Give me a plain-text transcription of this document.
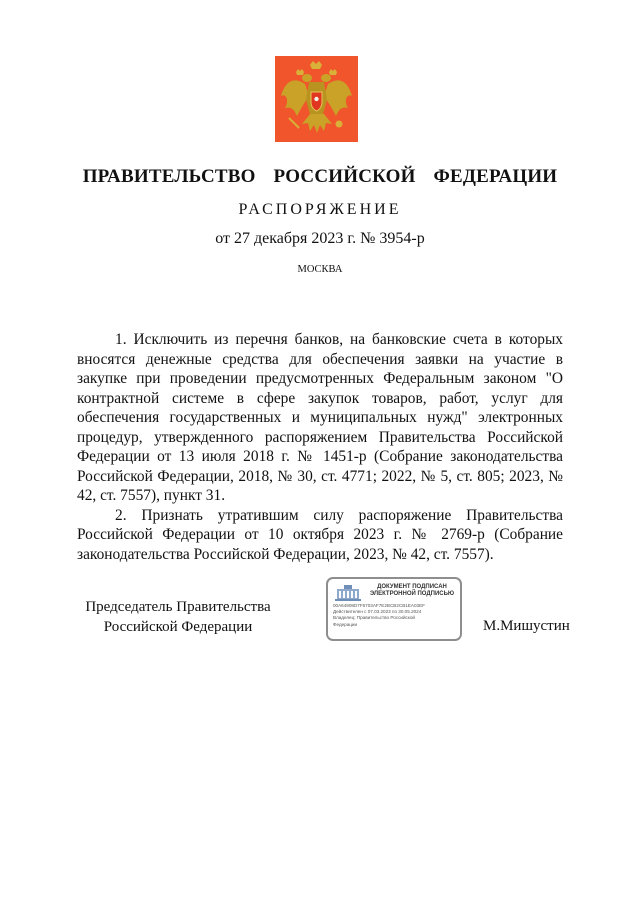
ПРАВИТЕЛЬСТВО  РОССИЙСКОЙ  ФЕДЕРАЦИИ
РАСПОРЯЖЕНИЕ
от 27 декабря 2023 г. № 3954-р
МОСКВА

1. Исключить из перечня банков, на банковские счета в которых вносятся денежные средства для обеспечения заявки на участие в закупке при проведении предусмотренных Федеральным законом "О контрактной системе в сфере закупок товаров, работ, услуг для обеспечения государственных и муниципальных нужд" электронных процедур, утвержденного распоряжением Правительства Российской Федерации от 13 июля 2018 г. № 1451-р (Собрание законодательства Российской Федерации, 2018, № 30, ст. 4771; 2022, № 5, ст. 805; 2023, № 42, ст. 7557), пункт 31.

2. Признать утратившим силу распоряжение Правительства Российской Федерации от 10 октября 2023 г. № 2769-р (Собрание законодательства Российской Федерации, 2023, № 42, ст. 7557).

Председатель Правительства
Российской Федерации
ДОКУМЕНТ ПОДПИСАН
ЭЛЕКТРОННОЙ ПОДПИСЬЮ
00A64908D7F6703AF7E2BCB2CB1EA03EF
Действителен с 07.03.2023 по 30.05.2024
Владелец: Правительство Российской
Федерации	М.Мишустин
